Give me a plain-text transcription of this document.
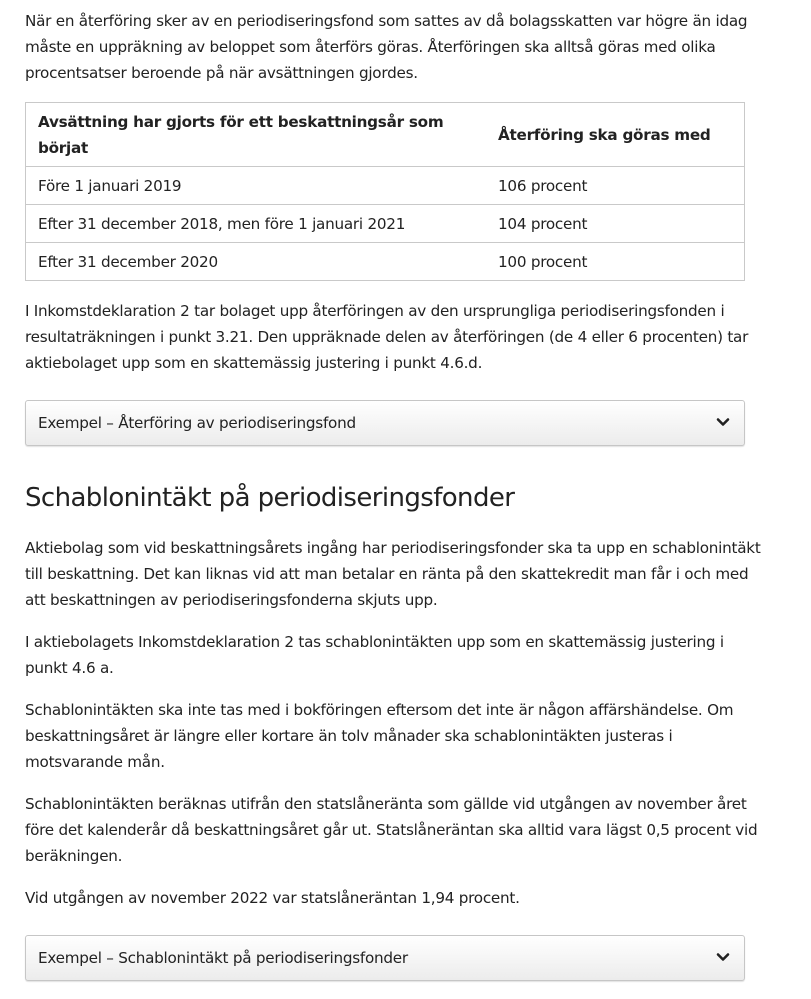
När en återföring sker av en periodiseringsfond som sattes av då bolagsskatten var högre än idag måste en uppräkning av beloppet som återförs göras. Återföringen ska alltså göras med olika procentsatser beroende på när avsättningen gjordes.

Avsättning har gjorts för ett beskattningsår som börjat	Återföring ska göras med
Före 1 januari 2019	106 procent
Efter 31 december 2018, men före 1 januari 2021	104 procent
Efter 31 december 2020	100 procent

I Inkomstdeklaration 2 tar bolaget upp återföringen av den ursprungliga periodiseringsfonden i resultaträkningen i punkt 3.21. Den uppräknade delen av återföringen (de 4 eller 6 procenten) tar aktiebolaget upp som en skattemässig justering i punkt 4.6.d.

Exempel – Återföring av periodiseringsfond
Schablonintäkt på periodiseringsfonder

Aktiebolag som vid beskattningsårets ingång har periodiseringsfonder ska ta upp en schablonintäkt till beskattning. Det kan liknas vid att man betalar en ränta på den skattekredit man får i och med att beskattningen av periodiseringsfonderna skjuts upp.

I aktiebolagets Inkomstdeklaration 2 tas schablonintäkten upp som en skattemässig justering i punkt 4.6 a.

Schablonintäkten ska inte tas med i bokföringen eftersom det inte är någon affärshändelse. Om beskattningsåret är längre eller kortare än tolv månader ska schablonintäkten justeras i motsvarande mån.

Schablonintäkten beräknas utifrån den statslåneränta som gällde vid utgången av november året före det kalenderår då beskattningsåret går ut. Statslåneräntan ska alltid vara lägst 0,5 procent vid beräkningen.

Vid utgången av november 2022 var statslåneräntan 1,94 procent.

Exempel – Schablonintäkt på periodiseringsfonder
